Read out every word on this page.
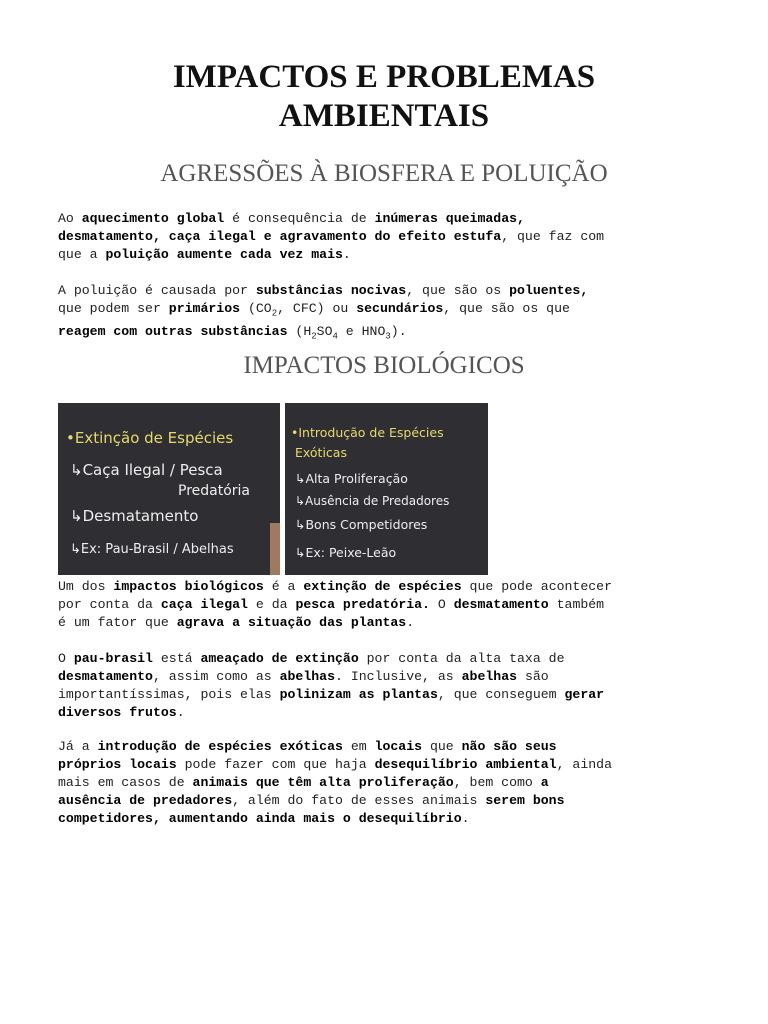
IMPACTOS E PROBLEMAS
AMBIENTAIS
AGRESSÕES À BIOSFERA E POLUIÇÃO

Ao aquecimento global é consequência de inúmeras queimadas,
desmatamento, caça ilegal e agravamento do efeito estufa, que faz com
que a poluição aumente cada vez mais.

A poluição é causada por substâncias nocivas, que são os poluentes,
que podem ser primários ($CO_2$, CFC) ou secundários, que são os que
reagem com outras substâncias ($H_2SO_4$ e $HNO_3$).

IMPACTOS BIOLÓGICOS
•Extinção de Espécies
↳Caça Ilegal / Pesca
Predatória
↳Desmatamento
↳Ex: Pau-Brasil / Abelhas
•Introdução de Espécies
Exóticas
↳Alta Proliferação
↳Ausência de Predadores
↳Bons Competidores
↳Ex: Peixe-Leão

Um dos impactos biológicos é a extinção de espécies que pode acontecer
por conta da caça ilegal e da pesca predatória. O desmatamento também
é um fator que agrava a situação das plantas.

O pau-brasil está ameaçado de extinção por conta da alta taxa de
desmatamento, assim como as abelhas. Inclusive, as abelhas são
importantíssimas, pois elas polinizam as plantas, que conseguem gerar
diversos frutos.

Já a introdução de espécies exóticas em locais que não são seus
próprios locais pode fazer com que haja desequilíbrio ambiental, ainda
mais em casos de animais que têm alta proliferação, bem como a
ausência de predadores, além do fato de esses animais serem bons
competidores, aumentando ainda mais o desequilíbrio.
